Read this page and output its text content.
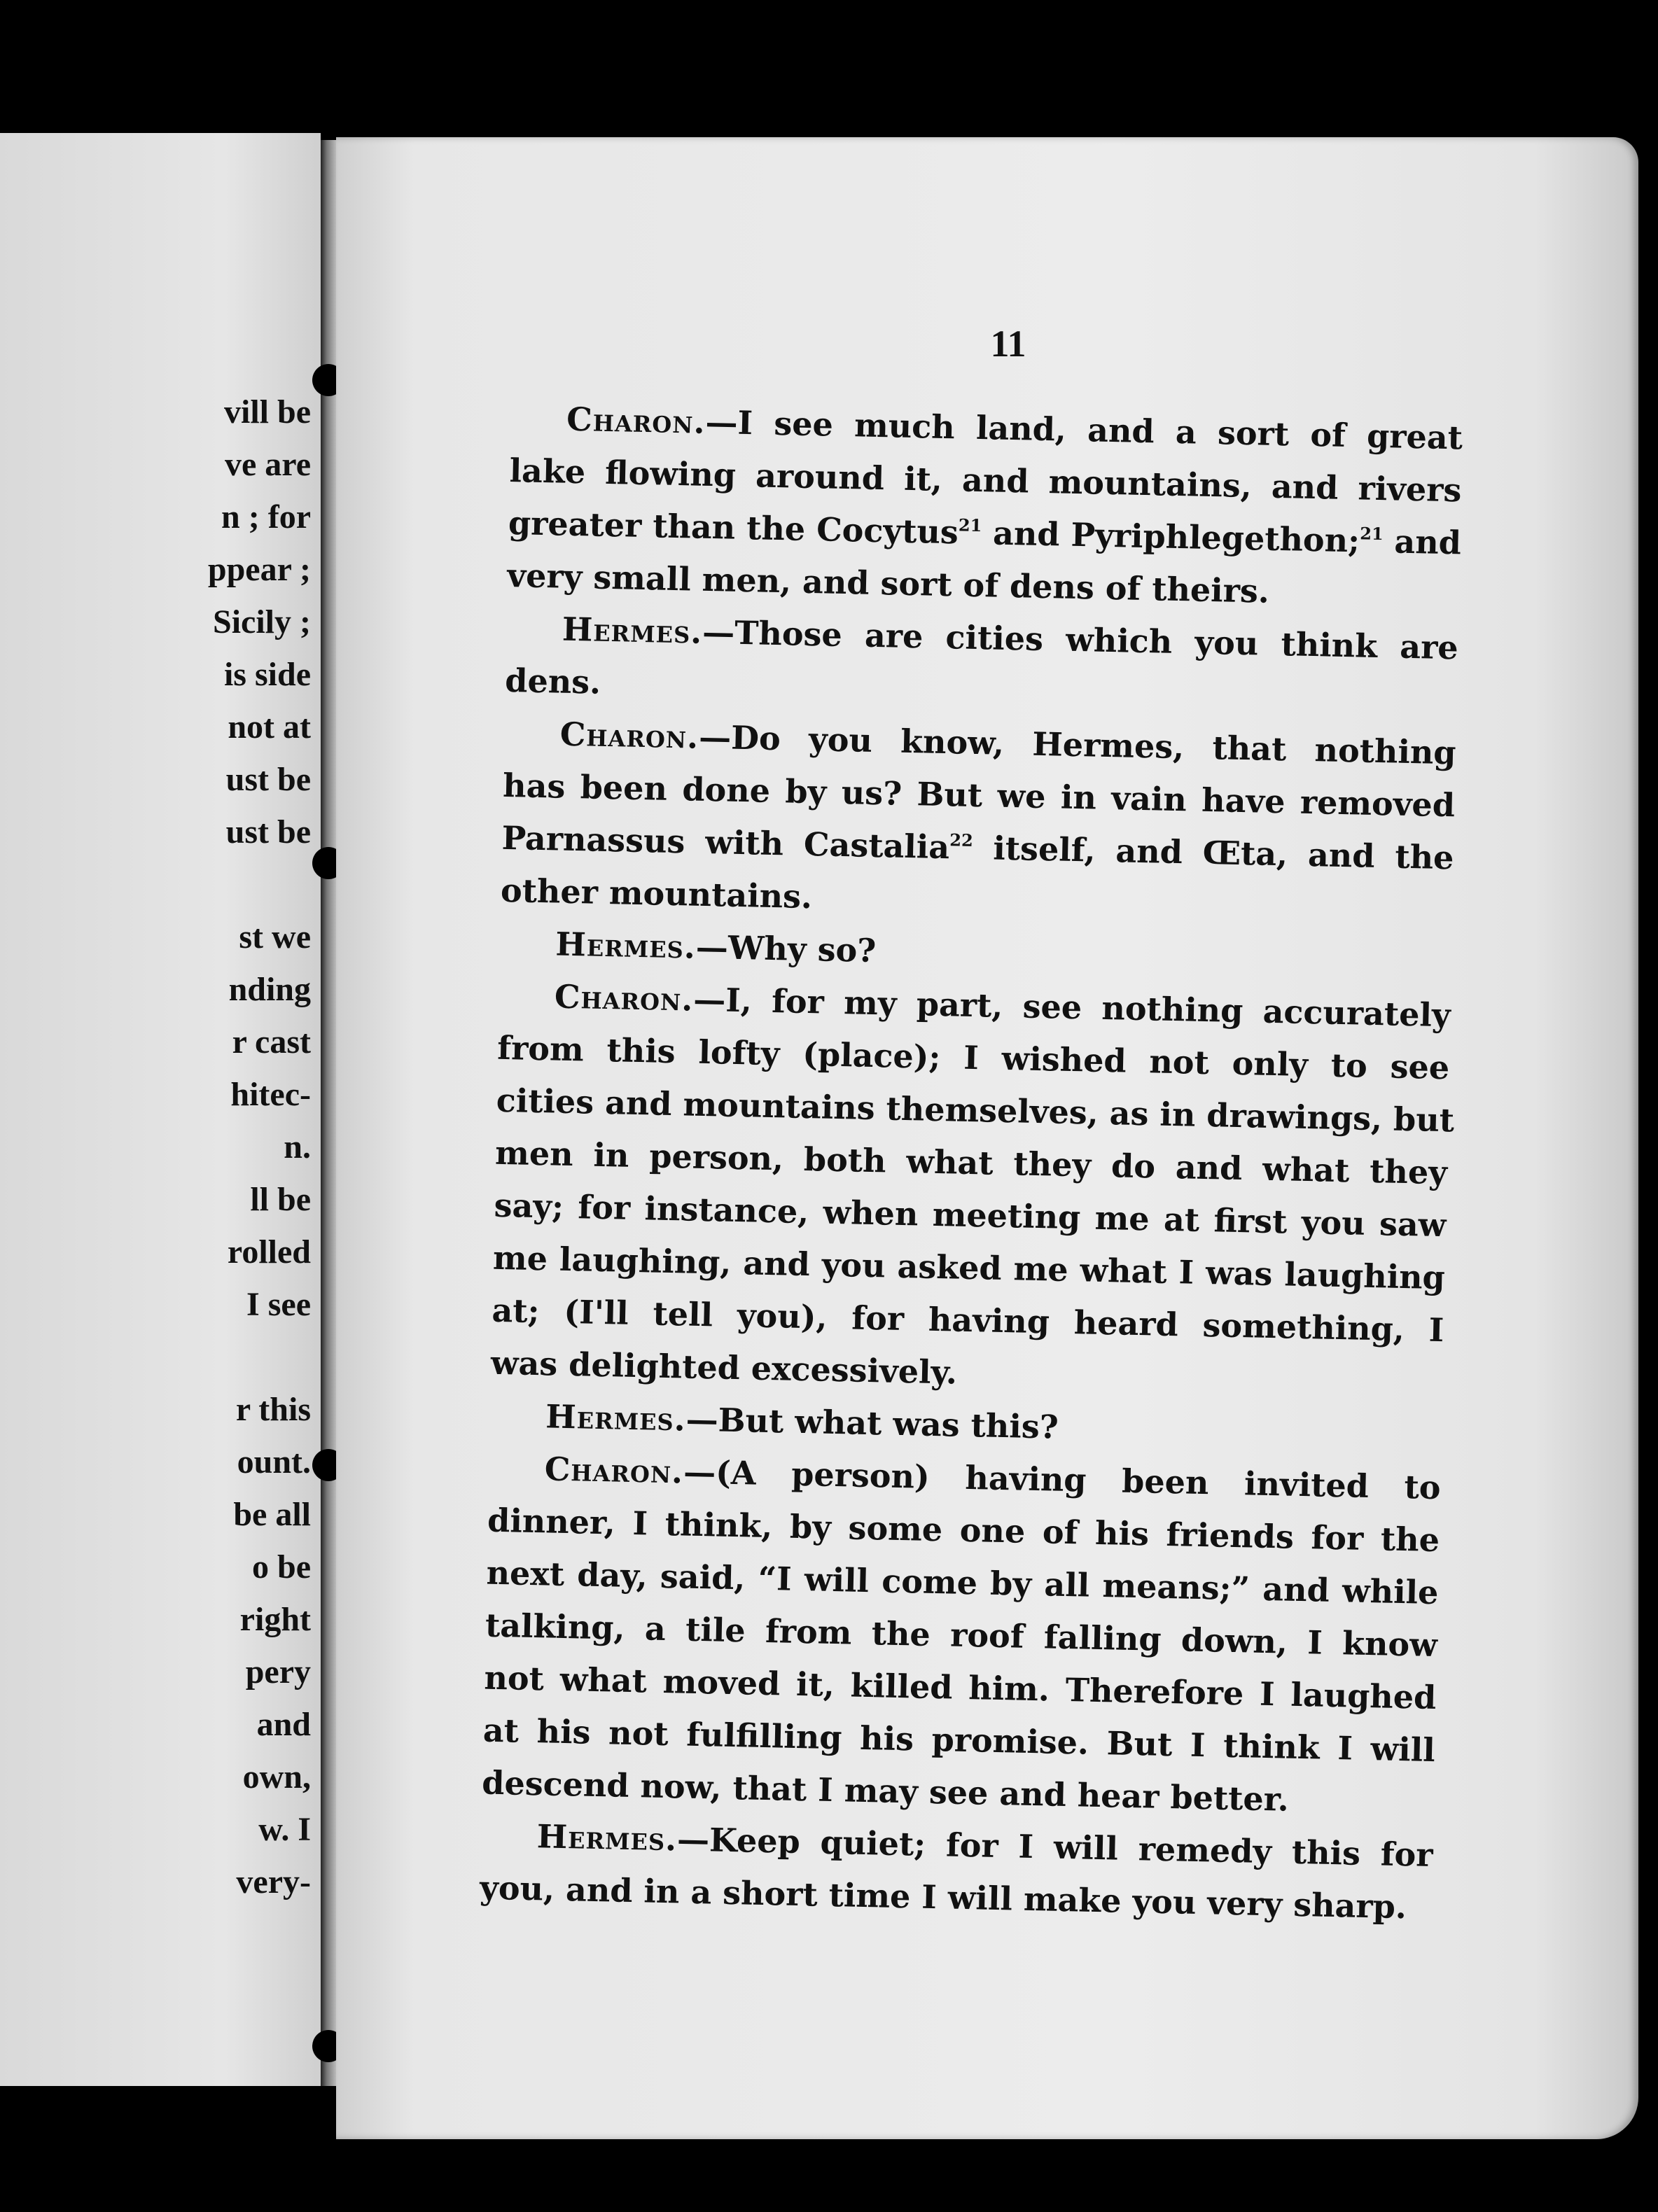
vill be
ve are
n ; for
ppear ;
Sicily ;
is side
not at
ust be
ust be
st we
nding
r cast
hitec-
n.
ll be
rolled
I see
r this
ount.
be all
o be
right
pery
and
own,
w. I
very-
11
Charon.—I see much land, and a sort of great
lake flowing around it, and mountains, and rivers
greater than the Cocytus$^{21}$ and Pyriphlegethon;$^{21}$ and
very small men, and sort of dens of theirs.
Hermes.—Those are cities which you think are
dens.
Charon.—Do you know, Hermes, that nothing
has been done by us? But we in vain have removed
Parnassus with Castalia$^{22}$ itself, and Œta, and the
other mountains.
Hermes.—Why so?
Charon.—I, for my part, see nothing accurately
from this lofty (place); I wished not only to see
cities and mountains themselves, as in drawings, but
men in person, both what they do and what they
say; for instance, when meeting me at first you saw
me laughing, and you asked me what I was laughing
at; (I'll tell you), for having heard something, I
was delighted excessively.
Hermes.—But what was this?
Charon.—(A person) having been invited to
dinner, I think, by some one of his friends for the
next day, said, “I will come by all means;” and while
talking, a tile from the roof falling down, I know
not what moved it, killed him. Therefore I laughed
at his not fulfilling his promise. But I think I will
descend now, that I may see and hear better.
Hermes.—Keep quiet; for I will remedy this for
you, and in a short time I will make you very sharp.
